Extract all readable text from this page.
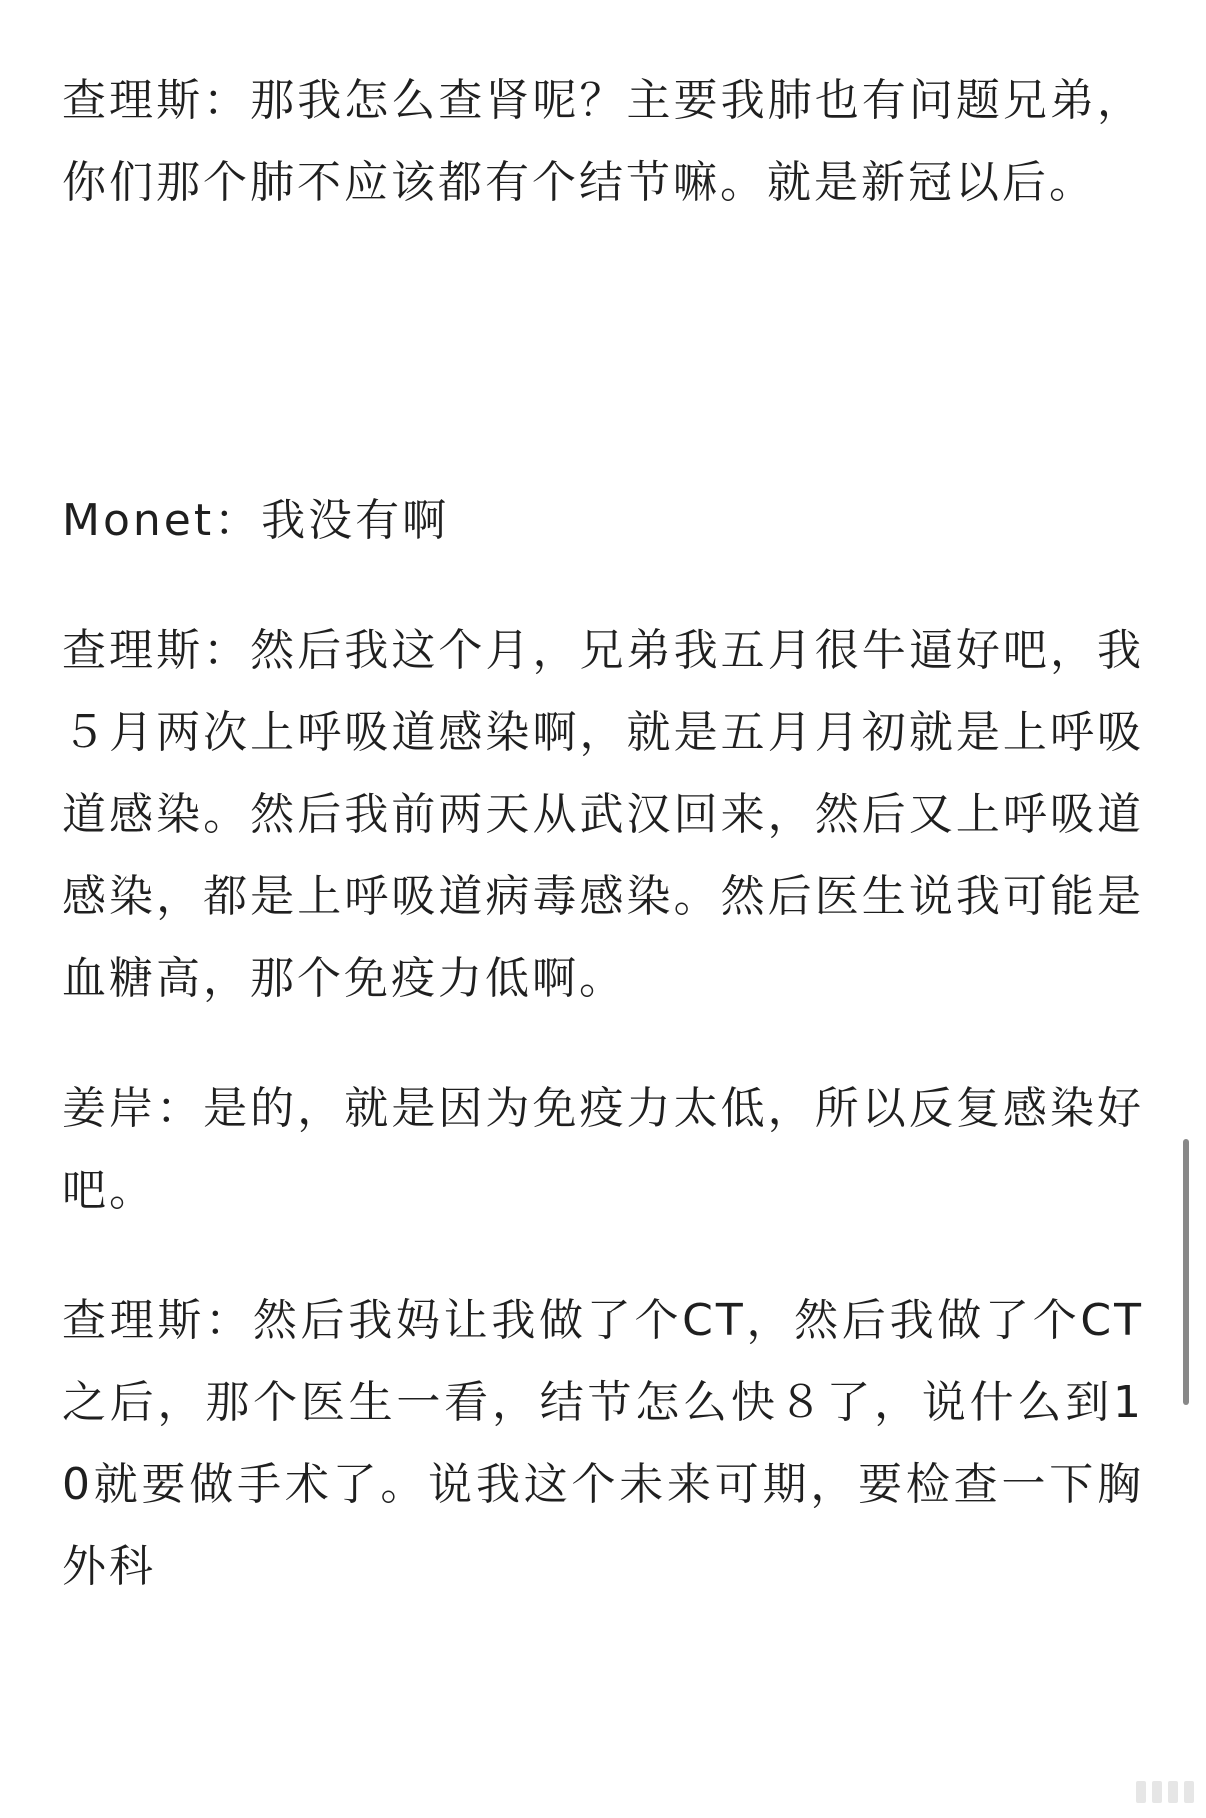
查理斯：那我怎么查肾呢？主要我肺也有问题兄弟，你们那个肺不应该都有个结节嘛。就是新冠以后。

Monet：我没有啊

查理斯：然后我这个月，兄弟我五月很牛逼好吧，我５月两次上呼吸道感染啊，就是五月月初就是上呼吸道感染。然后我前两天从武汉回来，然后又上呼吸道感染，都是上呼吸道病毒感染。然后医生说我可能是血糖高，那个免疫力低啊。

姜岸：是的，就是因为免疫力太低，所以反复感染好吧。

查理斯：然后我妈让我做了个CT，然后我做了个CT之后，那个医生一看，结节怎么快８了，说什么到10就要做手术了。说我这个未来可期，要检查一下胸外科
